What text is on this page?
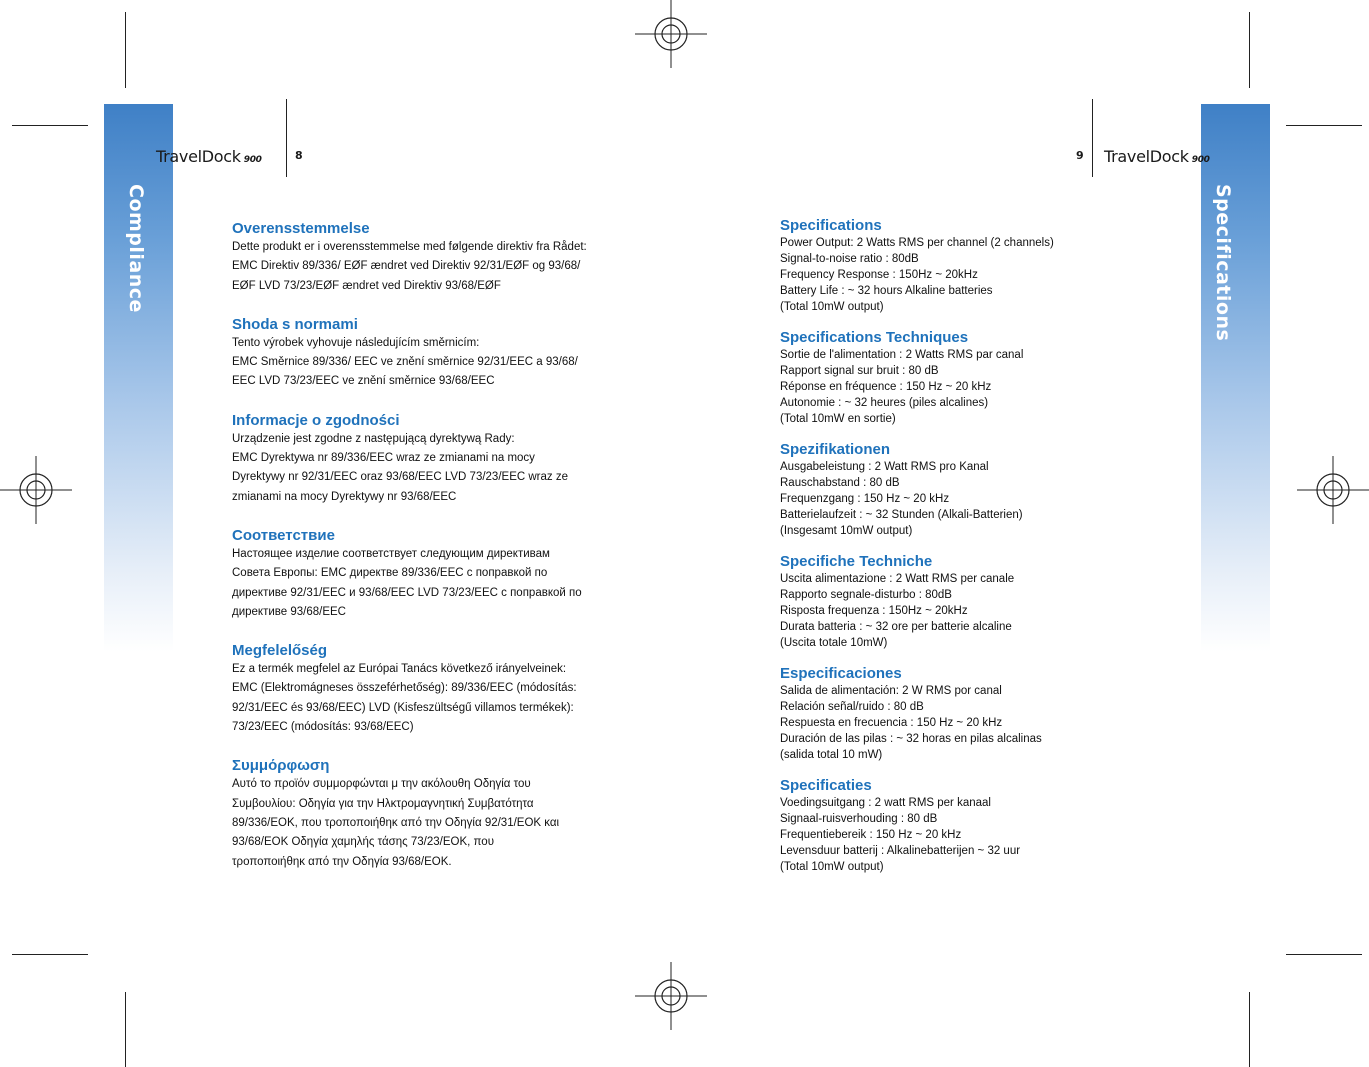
Compliance	Specifications
TravelDock 900	8	9 TravelDock 900
Overensstemmelse

Dette produkt er i overensstemmelse med følgende direktiv fra Rådet:

EMC Direktiv 89/336/ EØF ændret ved Direktiv 92/31/EØF og 93/68/

EØF LVD 73/23/EØF ændret ved Direktiv 93/68/EØF

Shoda s normami

Tento výrobek vyhovuje následujícím směrnicím:

EMC Směrnice 89/336/ EEC ve znění směrnice 92/31/EEC a 93/68/

EEC LVD 73/23/EEC ve znění směrnice 93/68/EEC

Informacje o zgodności

Urządzenie jest zgodne z następującą dyrektywą Rady:

EMC Dyrektywa nr 89/336/EEC wraz ze zmianami na mocy

Dyrektywy nr 92/31/EEC oraz 93/68/EEC LVD 73/23/EEC wraz ze

zmianami na mocy Dyrektywy nr 93/68/EEC

Соответствие

Настоящее изделие соответствует следующим директивам

Совета Европы: EMC директве 89/336/EEC с поправкой по

директиве 92/31/EEC и 93/68/EEC LVD 73/23/EEC с поправкой по

директиве 93/68/EEC

Megfelelőség

Ez a termék megfelel az Európai Tanács következő irányelveinek:

EMC (Elektromágneses összeférhetőség): 89/336/EEC (módosítás:

92/31/EEC és 93/68/EEC) LVD (Kisfeszültségű villamos termékek):

73/23/EEC (módosítás: 93/68/EEC)

Συμμόρφωση

Αυτό το προϊόν συμμορφώνται μ την ακόλουθη Οδηγία του

Συμβουλίου: Οδηγία για την Ηλκτρομαγνητική Συμβατότητα

89/336/ΕΟΚ, που τροποποιήθηκ από την Οδηγία 92/31/ΕΟΚ και

93/68/ΕΟΚ Οδηγία χαμηλής τάσης 73/23/ΕΟΚ, που

τροποποιήθηκ από την Οδηγία 93/68/ΕΟΚ.

Specifications

Power Output: 2 Watts RMS per channel (2 channels)

Signal-to-noise ratio : 80dB

Frequency Response : 150Hz ~ 20kHz

Battery Life : ~ 32 hours Alkaline batteries

(Total 10mW output)

Specifications Techniques

Sortie de l'alimentation : 2 Watts RMS par canal

Rapport signal sur bruit : 80 dB

Réponse en fréquence : 150 Hz ~ 20 kHz

Autonomie : ~ 32 heures (piles alcalines)

(Total 10mW en sortie)

Spezifikationen

Ausgabeleistung : 2 Watt RMS pro Kanal

Rauschabstand : 80 dB

Frequenzgang : 150 Hz ~ 20 kHz

Batterielaufzeit : ~ 32 Stunden (Alkali-Batterien)

(Insgesamt 10mW output)

Specifiche Techniche

Uscita alimentazione : 2 Watt RMS per canale

Rapporto segnale-disturbo : 80dB

Risposta frequenza : 150Hz ~ 20kHz

Durata batteria : ~ 32 ore per batterie alcaline

(Uscita totale 10mW)

Especificaciones

Salida de alimentación: 2 W RMS por canal

Relación señal/ruido : 80 dB

Respuesta en frecuencia : 150 Hz ~ 20 kHz

Duración de las pilas : ~ 32 horas en pilas alcalinas

(salida total 10 mW)

Specificaties

Voedingsuitgang : 2 watt RMS per kanaal

Signaal-ruisverhouding : 80 dB

Frequentiebereik : 150 Hz ~ 20 kHz

Levensduur batterij : Alkalinebatterijen ~ 32 uur

(Total 10mW output)
